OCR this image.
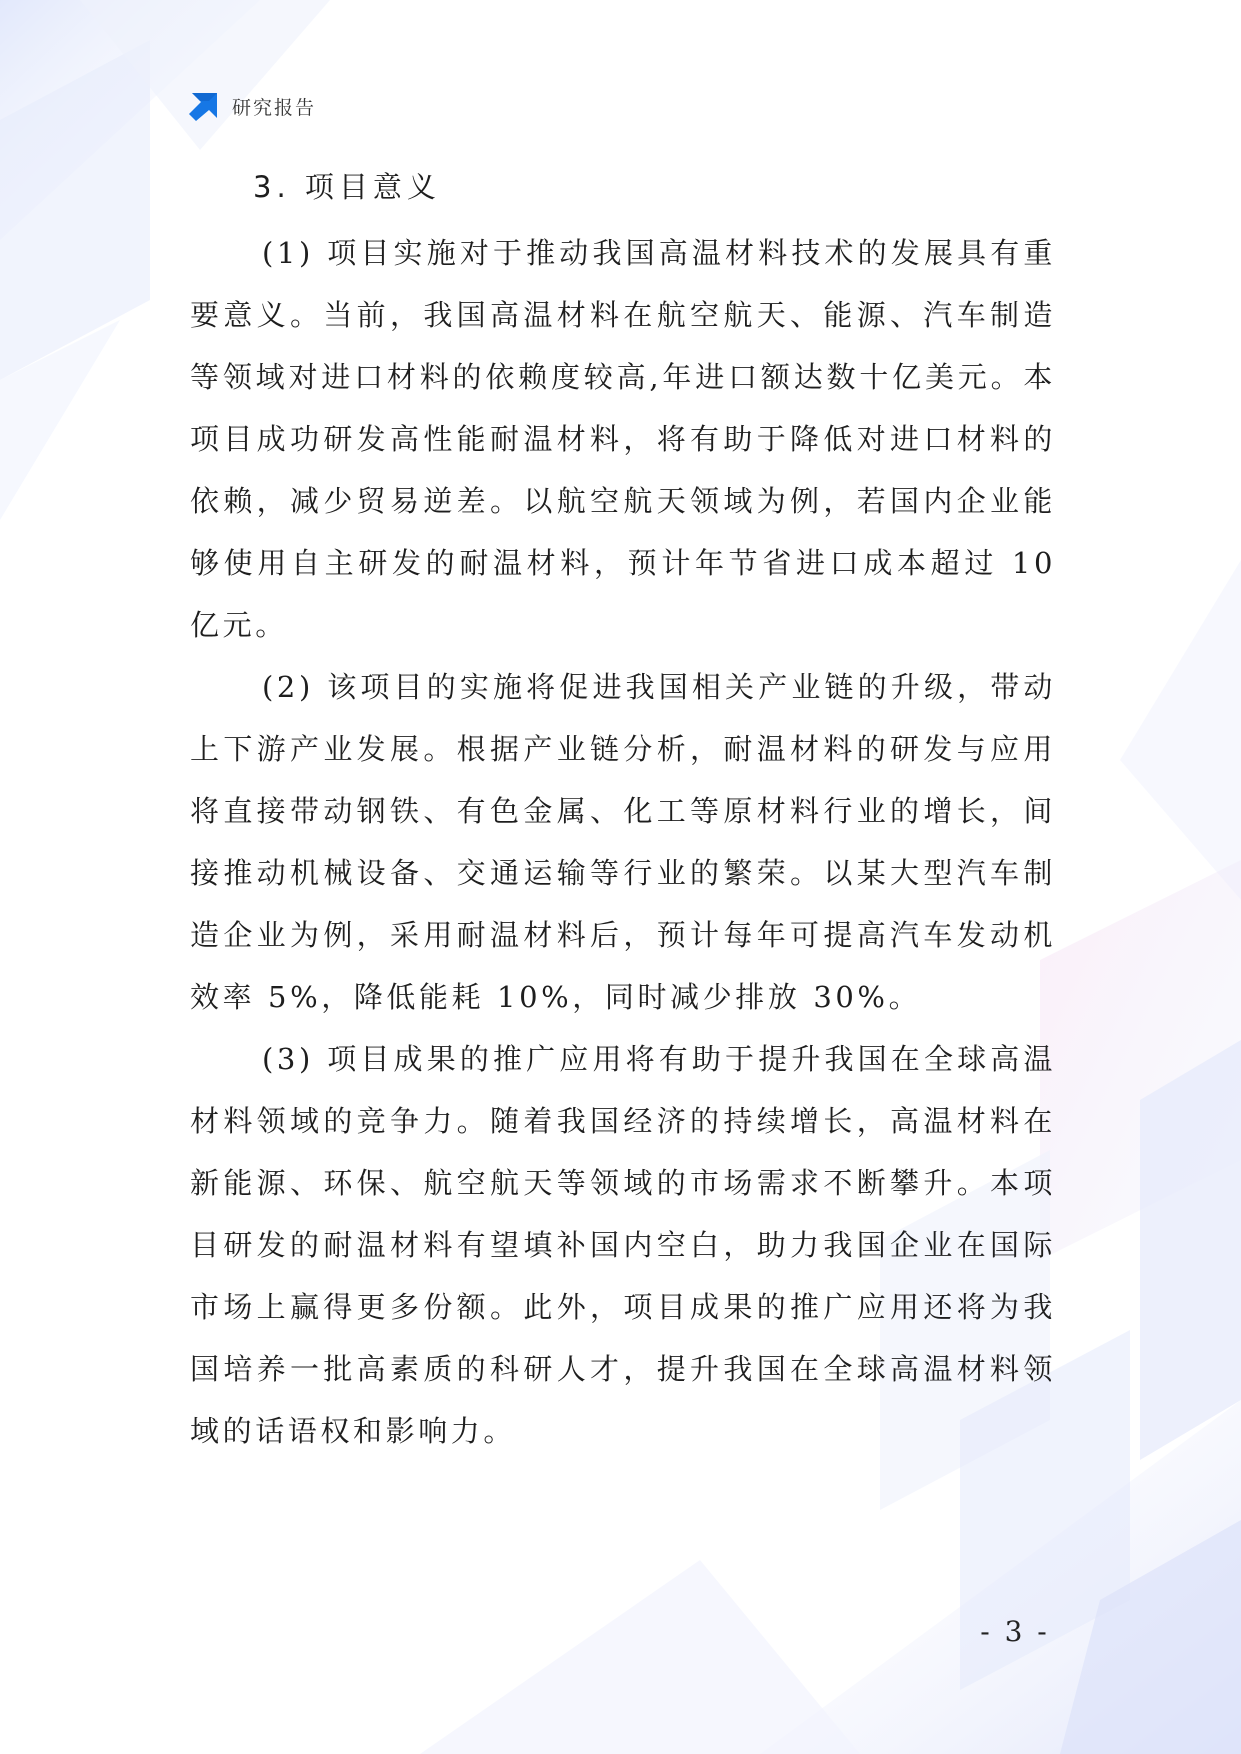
研究报告
3. 项目意义

(1) 项目实施对于推动我国高温材料技术的发展具有重要意义。当前，我国高温材料在航空航天、能源、汽车制造等领域对进口材料的依赖度较高,年进口额达数十亿美元。本项目成功研发高性能耐温材料，将有助于降低对进口材料的依赖，减少贸易逆差。以航空航天领域为例，若国内企业能够使用自主研发的耐温材料，预计年节省进口成本超过 10 亿元。

(2) 该项目的实施将促进我国相关产业链的升级，带动上下游产业发展。根据产业链分析，耐温材料的研发与应用将直接带动钢铁、有色金属、化工等原材料行业的增长，间接推动机械设备、交通运输等行业的繁荣。以某大型汽车制造企业为例，采用耐温材料后，预计每年可提高汽车发动机效率 5%，降低能耗 10%，同时减少排放 30%。

(3) 项目成果的推广应用将有助于提升我国在全球高温材料领域的竞争力。随着我国经济的持续增长，高温材料在新能源、环保、航空航天等领域的市场需求不断攀升。本项目研发的耐温材料有望填补国内空白，助力我国企业在国际市场上赢得更多份额。此外，项目成果的推广应用还将为我国培养一批高素质的科研人才，提升我国在全球高温材料领域的话语权和影响力。

- 3 -
